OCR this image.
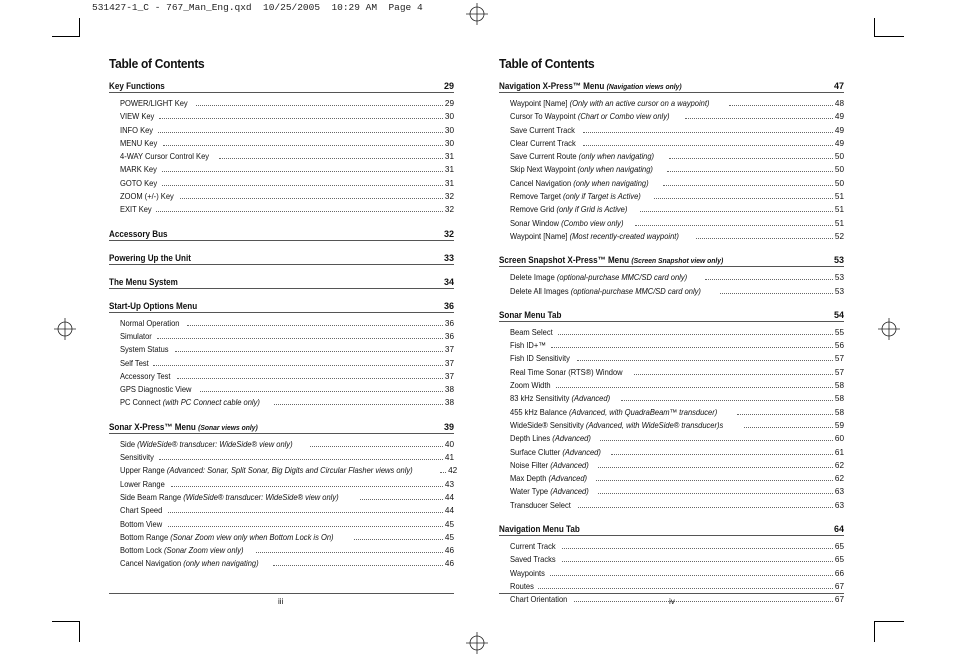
531427-1_C - 767_Man_Eng.qxd  10/25/2005  10:29 AM  Page 4
Table of Contents
Key Functions	29
POWER/LIGHT Key	29
VIEW Key	30
INFO Key	30
MENU Key	30
4-WAY Cursor Control Key	31
MARK Key	31
GOTO Key	31
ZOOM (+/-) Key	32
EXIT Key	32
Accessory Bus	32
Powering Up the Unit	33
The Menu System	34
Start-Up Options Menu	36
Normal Operation	36
Simulator	36
System Status	37
Self Test	37
Accessory Test	37
GPS Diagnostic View	38
PC Connect (with PC Connect cable only)	38
Sonar X-Press™ Menu (Sonar views only)	39
Side (WideSide® transducer: WideSide® view only)	40
Sensitivity	41
Upper Range (Advanced: Sonar, Split Sonar, Big Digits and Circular Flasher views only)	42
Lower Range	43
Side Beam Range (WideSide® transducer: WideSide® view only)	44
Chart Speed	44
Bottom View	45
Bottom Range (Sonar Zoom view only when Bottom Lock is On)	45
Bottom Lock (Sonar Zoom view only)	46
Cancel Navigation (only when navigating)	46
Table of Contents
Navigation X-Press™ Menu (Navigation views only)	47
Waypoint [Name] (Only with an active cursor on a waypoint)	48
Cursor To Waypoint (Chart or Combo view only)	49
Save Current Track	49
Clear Current Track	49
Save Current Route (only when navigating)	50
Skip Next Waypoint (only when navigating)	50
Cancel Navigation (only when navigating)	50
Remove Target (only if Target is Active)	51
Remove Grid (only if Grid is Active)	51
Sonar Window (Combo view only)	51
Waypoint [Name] (Most recently-created waypoint)	52
Screen Snapshot X-Press™ Menu (Screen Snapshot view only)	53
Delete Image (optional-purchase MMC/SD card only)	53
Delete All Images (optional-purchase MMC/SD card only)	53
Sonar Menu Tab	54
Beam Select	55
Fish ID+™	56
Fish ID Sensitivity	57
Real Time Sonar (RTS®) Window	57
Zoom Width	58
83 kHz Sensitivity (Advanced)	58
455 kHz Balance (Advanced, with QuadraBeam™ transducer)	58
WideSide® Sensitivity (Advanced, with WideSide® transducer)s	59
Depth Lines (Advanced)	60
Surface Clutter (Advanced)	61
Noise Filter (Advanced)	62
Max Depth (Advanced)	62
Water Type (Advanced)	63
Transducer Select	63
Navigation Menu Tab	64
Current Track	65
Saved Tracks	65
Waypoints	66
Routes	67
Chart Orientation	67
iii	iv
